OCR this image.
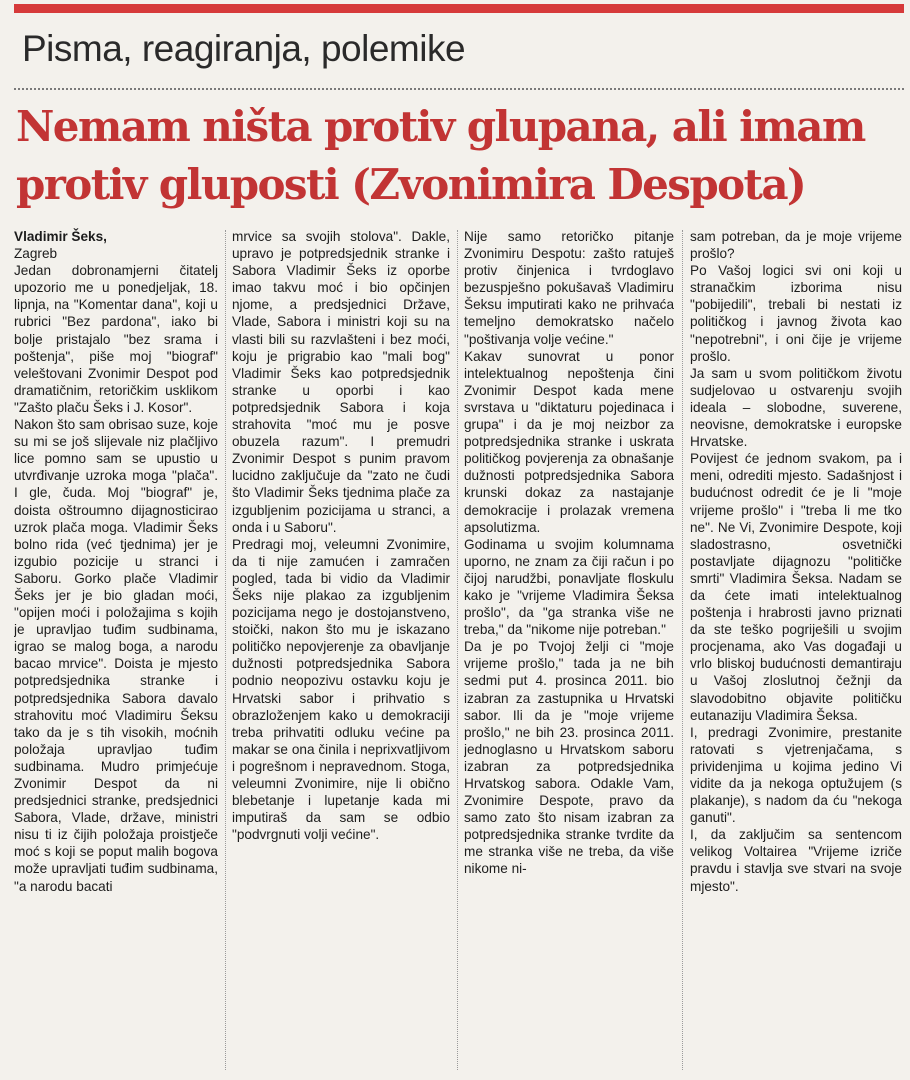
Pisma, reagiranja, polemike
Nemam ništa protiv glupana, ali imam protiv gluposti (Zvonimira Despota)

Vladimir Šeks,

Zagreb

Jedan dobronamjerni čitatelj upozorio me u ponedjeljak, 18. lipnja, na "Komentar dana", koji u rubrici "Bez pardona", iako bi bolje pristajalo "bez srama i poštenja", piše moj "biograf" veleštovani Zvonimir Despot pod dramatičnim, retoričkim usklikom "Zašto plaču Šeks i J. Kosor".

Nakon što sam obrisao suze, koje su mi se još slijevale niz plačljivo lice pomno sam se upustio u utvrđivanje uzroka moga "plača". I gle, čuda. Moj "biograf" je, doista oštroumno dijagnosticirao uzrok plača moga. Vladimir Šeks bolno rida (već tjednima) jer je izgubio pozicije u stranci i Saboru. Gorko plače Vladimir Šeks jer je bio gladan moći, "opijen moći i položajima s kojih je upravljao tuđim sudbinama, igrao se malog boga, a narodu bacao mrvice". Doista je mjesto potpredsjednika stranke i potpredsjednika Sabora davalo strahovitu moć Vladimiru Šeksu tako da je s tih visokih, moćnih položaja upravljao tuđim sudbinama. Mudro primjećuje Zvonimir Despot da ni predsjednici stranke, predsjednici Sabora, Vlade, države, ministri nisu ti iz čijih položaja proistječe moć s koji se poput malih bogova može upravljati tuđim sudbinama, "a narodu bacati

mrvice sa svojih stolova". Dakle, upravo je potpredsjednik stranke i Sabora Vladimir Šeks iz oporbe imao takvu moć i bio opčinjen njome, a predsjednici Države, Vlade, Sabora i ministri koji su na vlasti bili su razvlašteni i bez moći, koju je prigrabio kao "mali bog" Vladimir Šeks kao potpredsjednik stranke u oporbi i kao potpredsjednik Sabora i koja strahovita "moć mu je posve obuzela razum". I premudri Zvonimir Despot s punim pravom lucidno zaključuje da "zato ne čudi što Vladimir Šeks tjednima plače za izgubljenim pozicijama u stranci, a onda i u Saboru".

Predragi moj, veleumni Zvonimire, da ti nije zamućen i zamračen pogled, tada bi vidio da Vladimir Šeks nije plakao za izgubljenim pozicijama nego je dostojanstveno, stoički, nakon što mu je iskazano političko nepovjerenje za obavljanje dužnosti potpredsjednika Sabora podnio neopozivu ostavku koju je Hrvatski sabor i prihvatio s obrazloženjem kako u demokraciji treba prihvatiti odluku većine pa makar se ona činila i nepriхvatljivom i pogrešnom i nepravednom. Stoga, veleumni Zvonimire, nije li obično blebetanje i lupetanje kada mi imputiraš da sam se odbio "podvrgnuti volji većine".

Nije samo retoričko pitanje Zvonimiru Despotu: zašto ratuješ protiv činjenica i tvrdoglavo bezuspješno pokušavaš Vladimiru Šeksu imputirati kako ne prihvaća temeljno demokratsko načelo "poštivanja volje većine."

Kakav sunovrat u ponor intelektualnog nepoštenja čini Zvonimir Despot kada mene svrstava u "diktaturu pojedinaca i grupa" i da je moj neizbor za potpredsjednika stranke i uskrata političkog povjerenja za obnašanje dužnosti potpredsjednika Sabora krunski dokaz za nastajanje demokracije i prolazak vremena apsolutizma.

Godinama u svojim kolumnama uporno, ne znam za čiji račun i po čijoj narudžbi, ponavljate floskulu kako je "vrijeme Vladimira Šeksa prošlo", da "ga stranka više ne treba," da "nikome nije potreban."

Da je po Tvojoj želji ci "moje vrijeme prošlo," tada ja ne bih sedmi put 4. prosinca 2011. bio izabran za zastupnika u Hrvatski sabor. Ili da je "moje vrijeme prošlo," ne bih 23. prosinca 2011. jednoglasno u Hrvatskom saboru izabran za potpredsjednika Hrvatskog sabora. Odakle Vam, Zvonimire Despote, pravo da samo zato što nisam izabran za potpredsjednika stranke tvrdite da me stranka više ne treba, da više nikome ni-

sam potreban, da je moje vrijeme prošlo?

Po Vašoj logici svi oni koji u stranačkim izborima nisu "pobijedili", trebali bi nestati iz političkog i javnog života kao "nepotrebni", i oni čije je vrijeme prošlo.

Ja sam u svom političkom životu sudjelovao u ostvarenju svojih ideala – slobodne, suverene, neovisne, demokratske i europske Hrvatske.

Povijest će jednom svakom, pa i meni, odrediti mjesto. Sadašnjost i budućnost odredit će je li "moje vrijeme prošlo" i "treba li me tko ne". Ne Vi, Zvonimire Despote, koji sladostrasno, osvetnički postavljate dijagnozu "političke smrti" Vladimira Šeksa. Nadam se da ćete imati intelektualnog poštenja i hrabrosti javno priznati da ste teško pogriješili u svojim procjenama, ako Vas događaji u vrlo bliskoj budućnosti demantiraju u Vašoj zloslutnoj čežnji da slavodobitno objavite političku eutanaziju Vladimira Šeksa.

I, predragi Zvonimire, prestanite ratovati s vjetrenjačama, s prividenjima u kojima jedino Vi vidite da ja nekoga optužujem (s plakanje), s nadom da ću "nekoga ganuti".

I, da zaključim sa sentencom velikog Voltairea "Vrijeme izriče pravdu i stavlja sve stvari na svoje mjesto".
